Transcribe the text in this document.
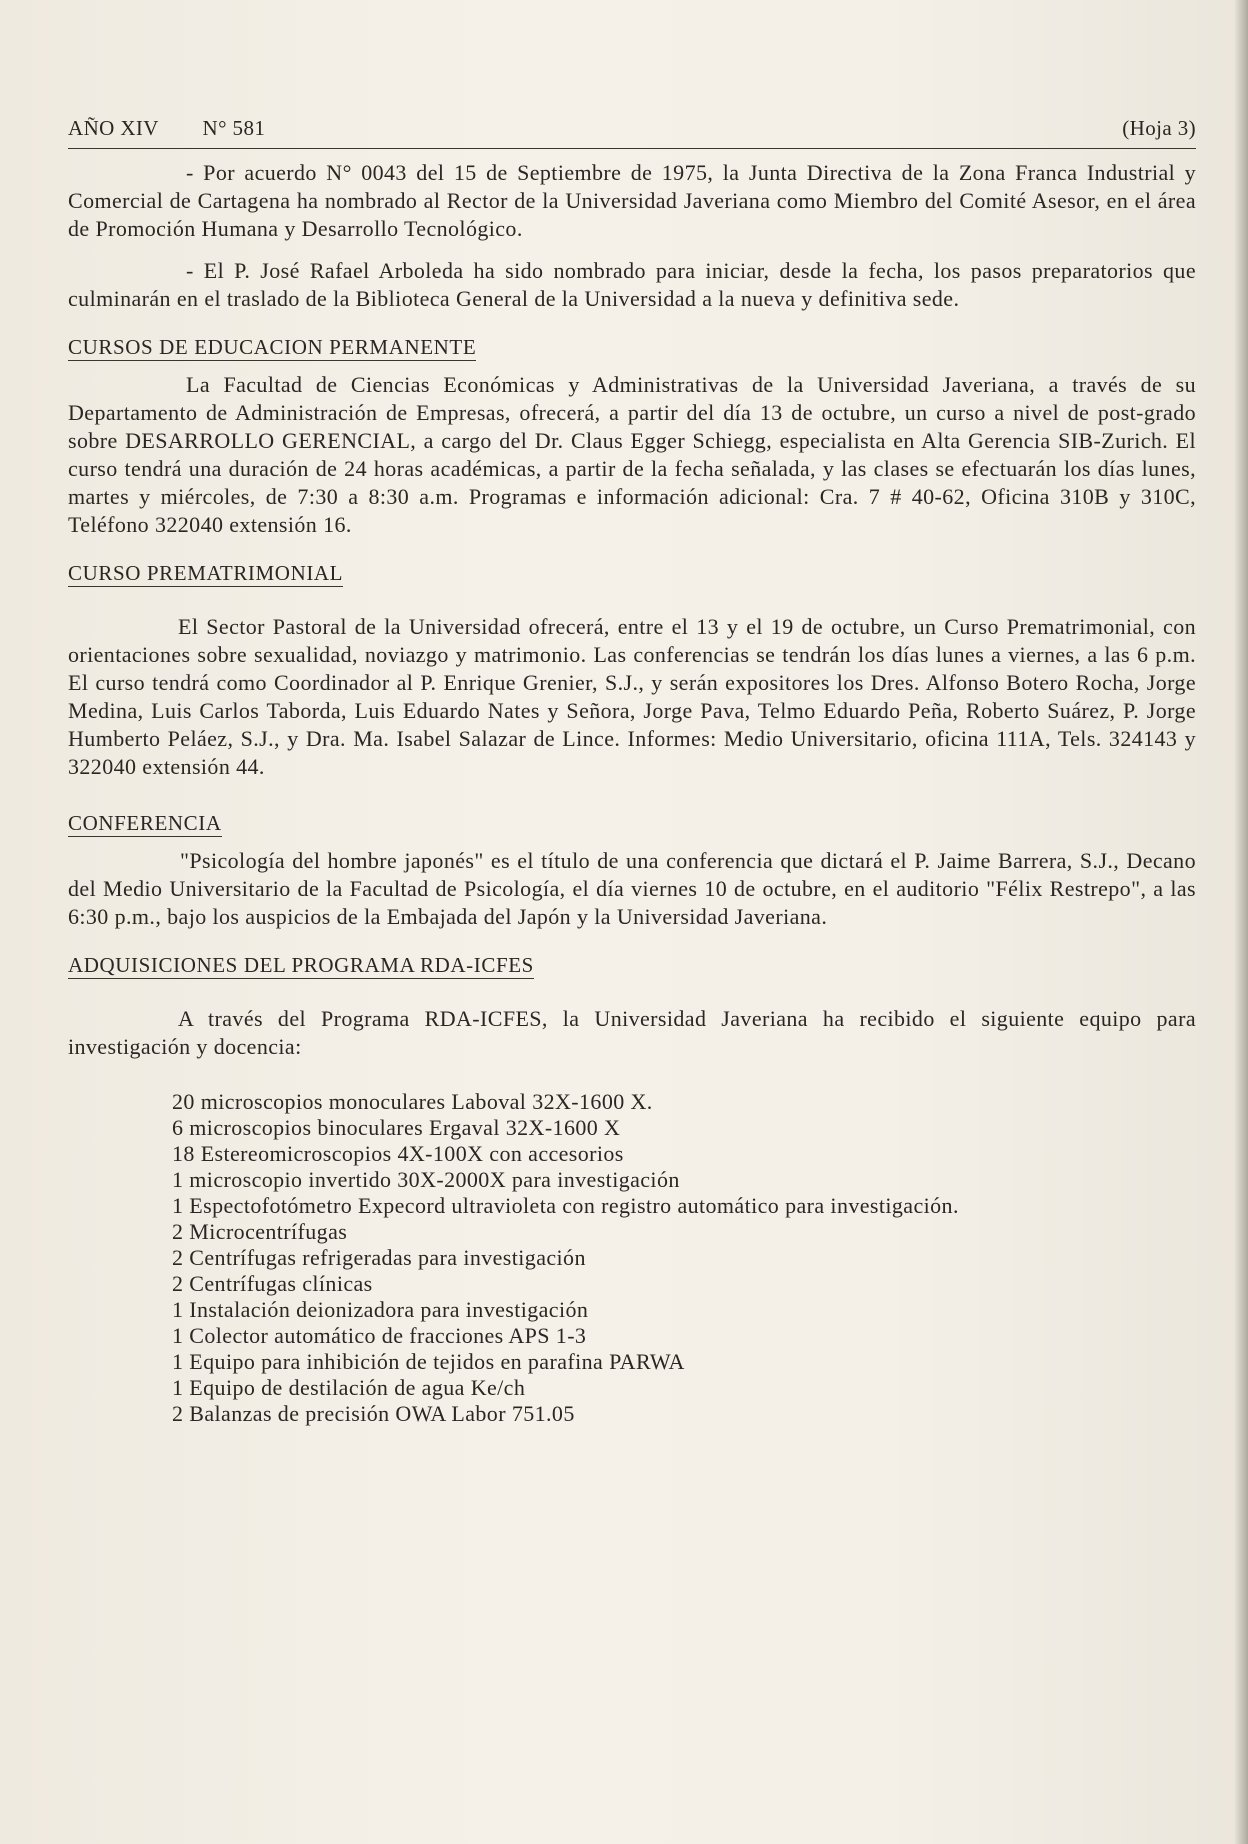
AÑO XIV N° 581	(Hoja 3)

- Por acuerdo N° 0043 del 15 de Septiembre de 1975, la Junta Directiva de la Zona Franca Industrial y Comercial de Cartagena ha nombrado al Rector de la Universidad Javeriana como Miembro del Comité Asesor, en el área de Promoción Humana y Desarrollo Tecnológico.

- El P. José Rafael Arboleda ha sido nombrado para iniciar, desde la fecha, los pasos preparatorios que culminarán en el traslado de la Biblioteca General de la Universidad a la nueva y definitiva sede.

CURSOS DE EDUCACION PERMANENTE

La Facultad de Ciencias Económicas y Administrativas de la Universidad Javeriana, a través de su Departamento de Administración de Empresas, ofrecerá, a partir del día 13 de octubre, un curso a nivel de post-grado sobre DESARROLLO GERENCIAL, a cargo del Dr. Claus Egger Schiegg, especialista en Alta Gerencia SIB-Zurich. El curso tendrá una duración de 24 horas académicas, a partir de la fecha señalada, y las clases se efectuarán los días lunes, martes y miércoles, de 7:30 a 8:30 a.m. Programas e información adicional: Cra. 7 # 40-62, Oficina 310B y 310C, Teléfono 322040 extensión 16.

CURSO PREMATRIMONIAL

El Sector Pastoral de la Universidad ofrecerá, entre el 13 y el 19 de octubre, un Curso Prematrimonial, con orientaciones sobre sexualidad, noviazgo y matrimonio. Las conferencias se tendrán los días lunes a viernes, a las 6 p.m. El curso tendrá como Coordinador al P. Enrique Grenier, S.J., y serán expositores los Dres. Alfonso Botero Rocha, Jorge Medina, Luis Carlos Taborda, Luis Eduardo Nates y Señora, Jorge Pava, Telmo Eduardo Peña, Roberto Suárez, P. Jorge Humberto Peláez, S.J., y Dra. Ma. Isabel Salazar de Lince. Informes: Medio Universitario, oficina 111A, Tels. 324143 y 322040 extensión 44.

CONFERENCIA

"Psicología del hombre japonés" es el título de una conferencia que dictará el P. Jaime Barrera, S.J., Decano del Medio Universitario de la Facultad de Psicología, el día viernes 10 de octubre, en el auditorio "Félix Restrepo", a las 6:30 p.m., bajo los auspicios de la Embajada del Japón y la Universidad Javeriana.

ADQUISICIONES DEL PROGRAMA RDA-ICFES

A través del Programa RDA-ICFES, la Universidad Javeriana ha recibido el siguiente equipo para investigación y docencia:

20 microscopios monoculares Laboval 32X-1600 X.
6 microscopios binoculares Ergaval 32X-1600 X
18 Estereomicroscopios 4X-100X con accesorios
1 microscopio invertido 30X-2000X para investigación
1 Espectofotómetro Expecord ultravioleta con registro automático para investigación.
2 Microcentrífugas
2 Centrífugas refrigeradas para investigación
2 Centrífugas clínicas
1 Instalación deionizadora para investigación
1 Colector automático de fracciones APS 1-3
1 Equipo para inhibición de tejidos en parafina PARWA
1 Equipo de destilación de agua Ke/ch
2 Balanzas de precisión OWA Labor 751.05
